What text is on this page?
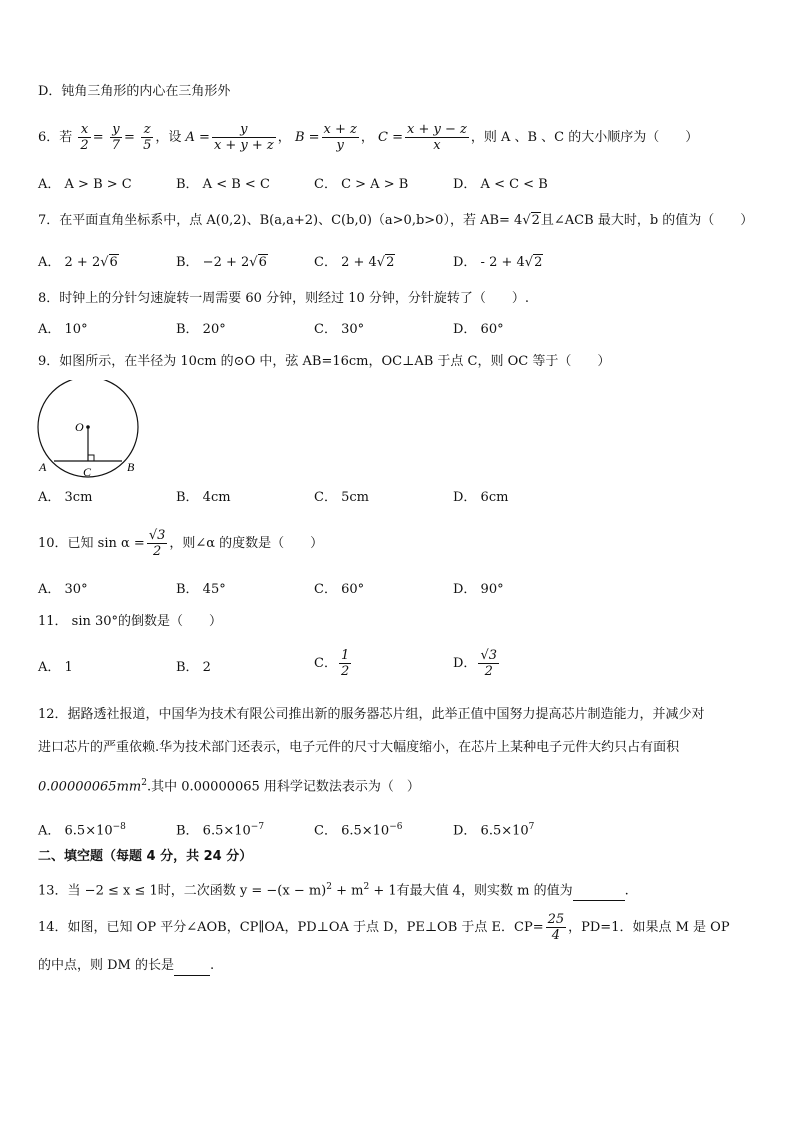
D．钝角三角形的内心在三角形外
6．若 $\frac{x}{2} = \frac{y}{7} = \frac{z}{5}$ ，设 $A = \frac{y}{x + y + z}$ ， $B = \frac{x + z}{y}$ ， $C = \frac{x + y - z}{x}$ ，则 A 、B 、C 的大小顺序为（　　）
A． A > B > C	B． A < B < C	C． C > A > B	D． A < C < B
7．在平面直角坐标系中，点 A(0,2)、B(a,a+2)、C(b,0)（a>0,b>0），若 AB= 4√2且∠ACB 最大时，b 的值为（　　）
A． 2 + 2√6	B． −2 + 2√6	C． 2 + 4√2	D． - 2 + 4√2
8．时钟上的分针匀速旋转一周需要 60 分钟，则经过 10 分钟，分针旋转了（　　）.
A． 10°	B． 20°	C． 30°	D． 60°
9．如图所示，在半径为 10cm 的⊙O 中，弦 AB=16cm，OC⊥AB 于点 C，则 OC 等于（　　）
O
A	B
C
A． 3cm	B． 4cm	C． 5cm	D． 6cm
10．已知 $\sin \alpha = \frac{√3}{2}$ ，则∠α 的度数是（　　）
A． 30°	B． 45°	C． 60°	D． 90°
11． sin 30°的倒数是（　　）
A． 1	B． 2	C． $\frac{1}{2}$	D． $\frac{√3}{2}$
12．据路透社报道，中国华为技术有限公司推出新的服务器芯片组，此举正值中国努力提高芯片制造能力，并减少对
进口芯片的严重依赖.华为技术部门还表示，电子元件的尺寸大幅度缩小，在芯片上某种电子元件大约只占有面积
$0.00000065mm^2$.其中 0.00000065 用科学记数法表示为（　）
A． $6.5\times 10^{-8}$	B． $6.5\times 10^{-7}$	C． $6.5\times 10^{-6}$	D． $6.5\times 10^7$
二、填空题（每题 4 分，共 24 分）
13．当 −2 ≤ x ≤ 1时，二次函数 $y = -(x - m)^2 + m^2 + 1$有最大值 4，则实数 m 的值为	.
14．如图，已知 OP 平分∠AOB，CP∥OA，PD⊥OA 于点 D，PE⊥OB 于点 E．$CP= \frac{25}{4}$ ，PD=1．如果点 M 是 OP
的中点，则 DM 的长是	.
